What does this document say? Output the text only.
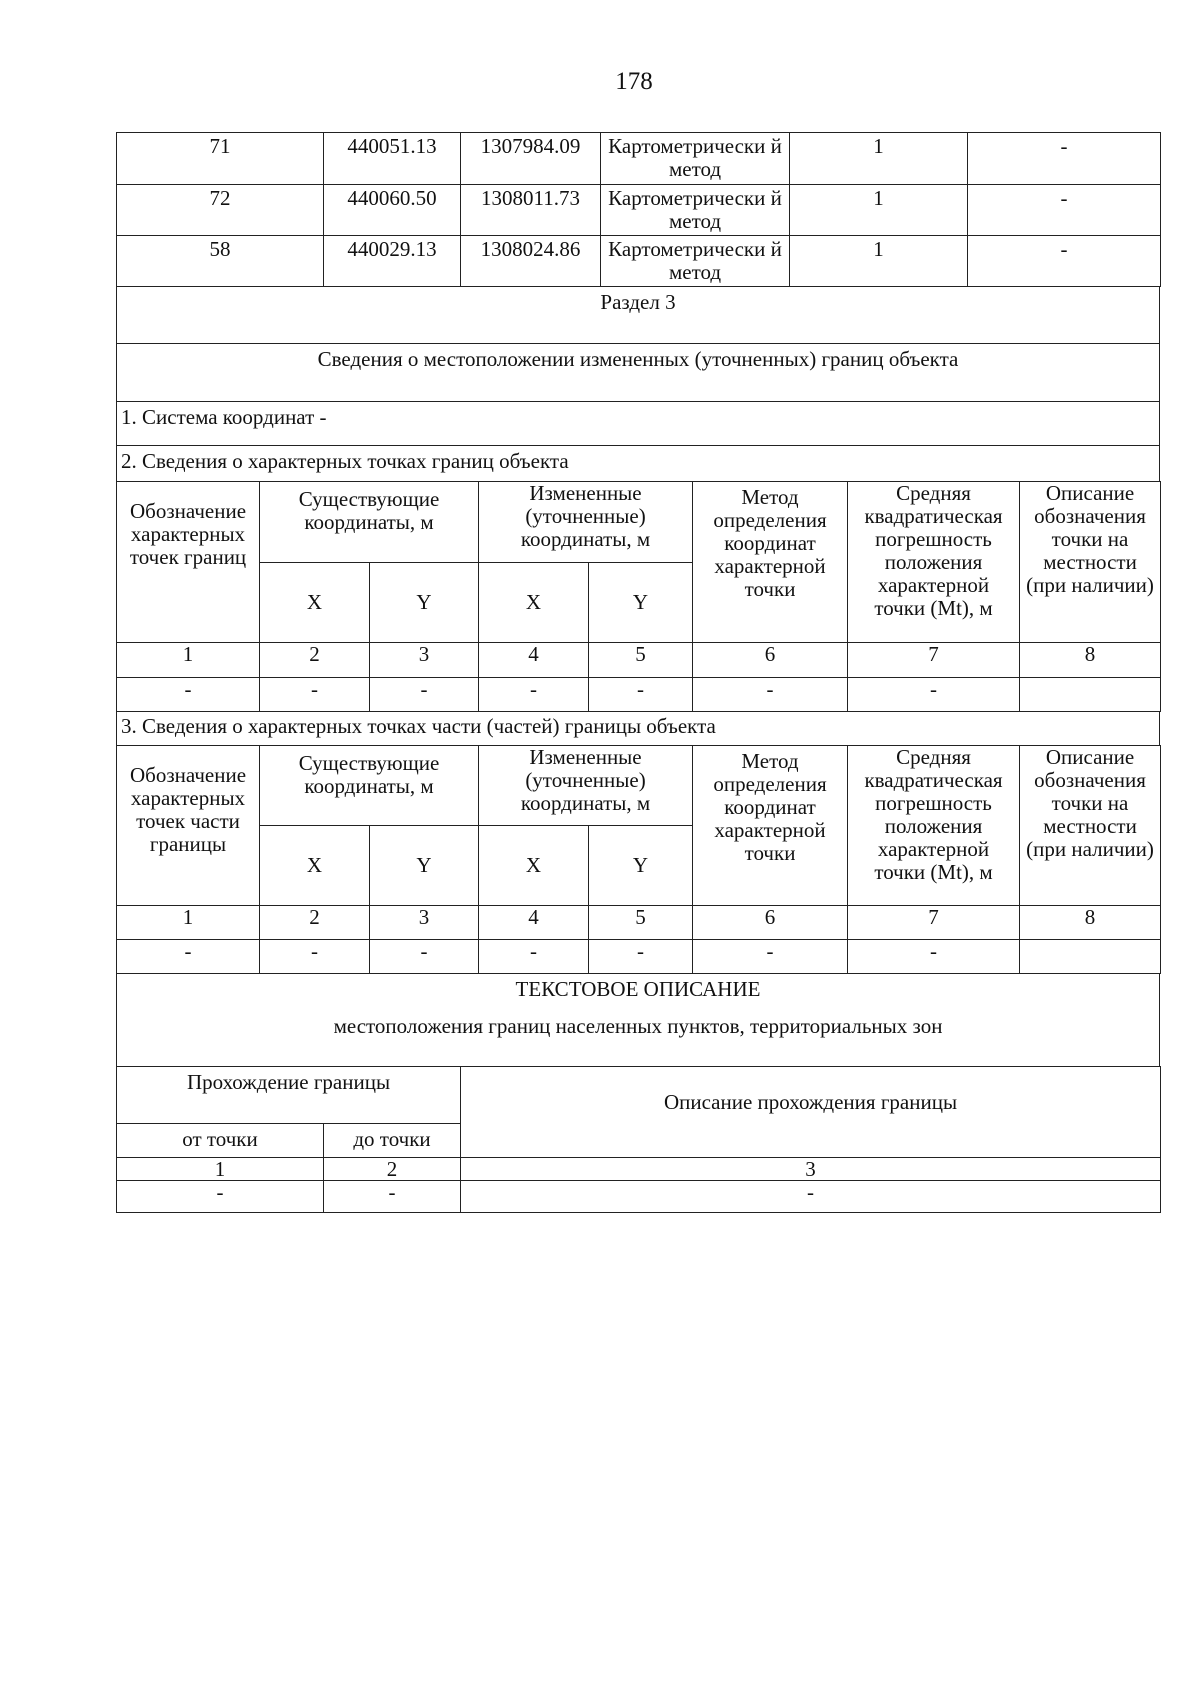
178
71	440051.13	1307984.09	Картометрически й метод	1	-
72	440060.50	1308011.73	Картометрически й метод	1	-
58	440029.13	1308024.86	Картометрически й метод	1	-
Раздел 3
Сведения о местоположении измененных (уточненных) границ объекта
1. Система координат -
2. Сведения о характерных точках границ объекта
Обозначение характерных точек границ	Существующие координаты, м		Измененные (уточненные) координаты, м		Метод определения координат характерной точки	Средняя квадратическая погрешность положения характерной точки (Mt), м	Описание обозначения точки на местности (при наличии)
	X	Y	X	Y			
1	2	3	4	5	6	7	8
-	-	-	-	-	-	-	
3. Сведения о характерных точках части (частей) границы объекта
Обозначение характерных точек части границы	Существующие координаты, м		Измененные (уточненные) координаты, м		Метод определения координат характерной точки	Средняя квадратическая погрешность положения характерной точки (Mt), м	Описание обозначения точки на местности (при наличии)
	X	Y	X	Y			
1	2	3	4	5	6	7	8
-	-	-	-	-	-	-	
ТЕКСТОВОЕ ОПИСАНИЕ
местоположения границ населенных пунктов, территориальных зон
Прохождение границы		Описание прохождения границы
от точки	до точки	
1	2	3
-	-	-
